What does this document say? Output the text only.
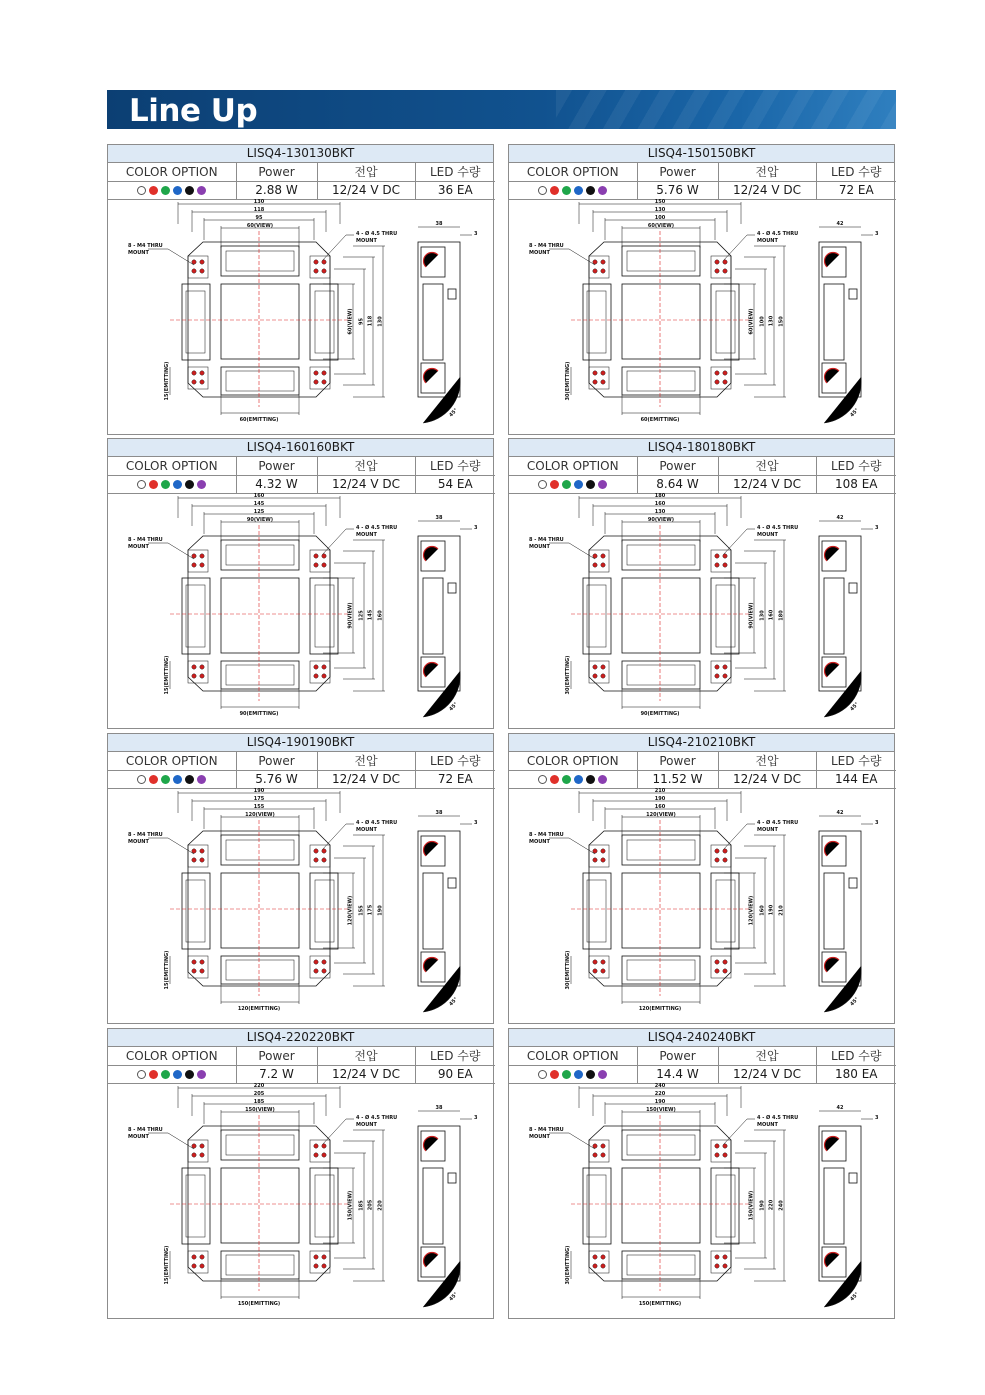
Line Up
LISQ4-130130BKT
COLOR OPTION	Power	전압	LED 수량

	2.88 W	12/24 V DC	36 EA
130
118
95
60(VIEW)
60(VIEW) 95 118 130
60(EMITTING)
15(EMITTING)
8 - M4 THRU
MOUNT
4 - Ø 4.5 THRU
MOUNT
45°
38
3
LISQ4-150150BKT
COLOR OPTION	Power	전압	LED 수량

	5.76 W	12/24 V DC	72 EA
150
130
100
60(VIEW)
60(VIEW) 100 130 150
60(EMITTING)
30(EMITTING)
8 - M4 THRU
MOUNT
4 - Ø 4.5 THRU
MOUNT
45°
42
3
LISQ4-160160BKT
COLOR OPTION	Power	전압	LED 수량

	4.32 W	12/24 V DC	54 EA
160
145
125
90(VIEW)
90(VIEW) 125 145 160
90(EMITTING)
15(EMITTING)
8 - M4 THRU
MOUNT
4 - Ø 4.5 THRU
MOUNT
45°
38
3
LISQ4-180180BKT
COLOR OPTION	Power	전압	LED 수량

	8.64 W	12/24 V DC	108 EA
180
160
130
90(VIEW)
90(VIEW) 130 160 180
90(EMITTING)
30(EMITTING)
8 - M4 THRU
MOUNT
4 - Ø 4.5 THRU
MOUNT
45°
42
3
LISQ4-190190BKT
COLOR OPTION	Power	전압	LED 수량

	5.76 W	12/24 V DC	72 EA
190
175
155
120(VIEW)
120(VIEW) 155 175 190
120(EMITTING)
15(EMITTING)
8 - M4 THRU
MOUNT
4 - Ø 4.5 THRU
MOUNT
45°
38
3
LISQ4-210210BKT
COLOR OPTION	Power	전압	LED 수량

	11.52 W	12/24 V DC	144 EA
210
190
160
120(VIEW)
120(VIEW) 160 190 210
120(EMITTING)
30(EMITTING)
8 - M4 THRU
MOUNT
4 - Ø 4.5 THRU
MOUNT
45°
42
3
LISQ4-220220BKT
COLOR OPTION	Power	전압	LED 수량

	7.2 W	12/24 V DC	90 EA
220
205
185
150(VIEW)
150(VIEW) 185 205 220
150(EMITTING)
15(EMITTING)
8 - M4 THRU
MOUNT
4 - Ø 4.5 THRU
MOUNT
45°
38
3
LISQ4-240240BKT
COLOR OPTION	Power	전압	LED 수량

	14.4 W	12/24 V DC	180 EA
240
220
190
150(VIEW)
150(VIEW) 190 220 240
150(EMITTING)
30(EMITTING)
8 - M4 THRU
MOUNT
4 - Ø 4.5 THRU
MOUNT
45°
42
3
